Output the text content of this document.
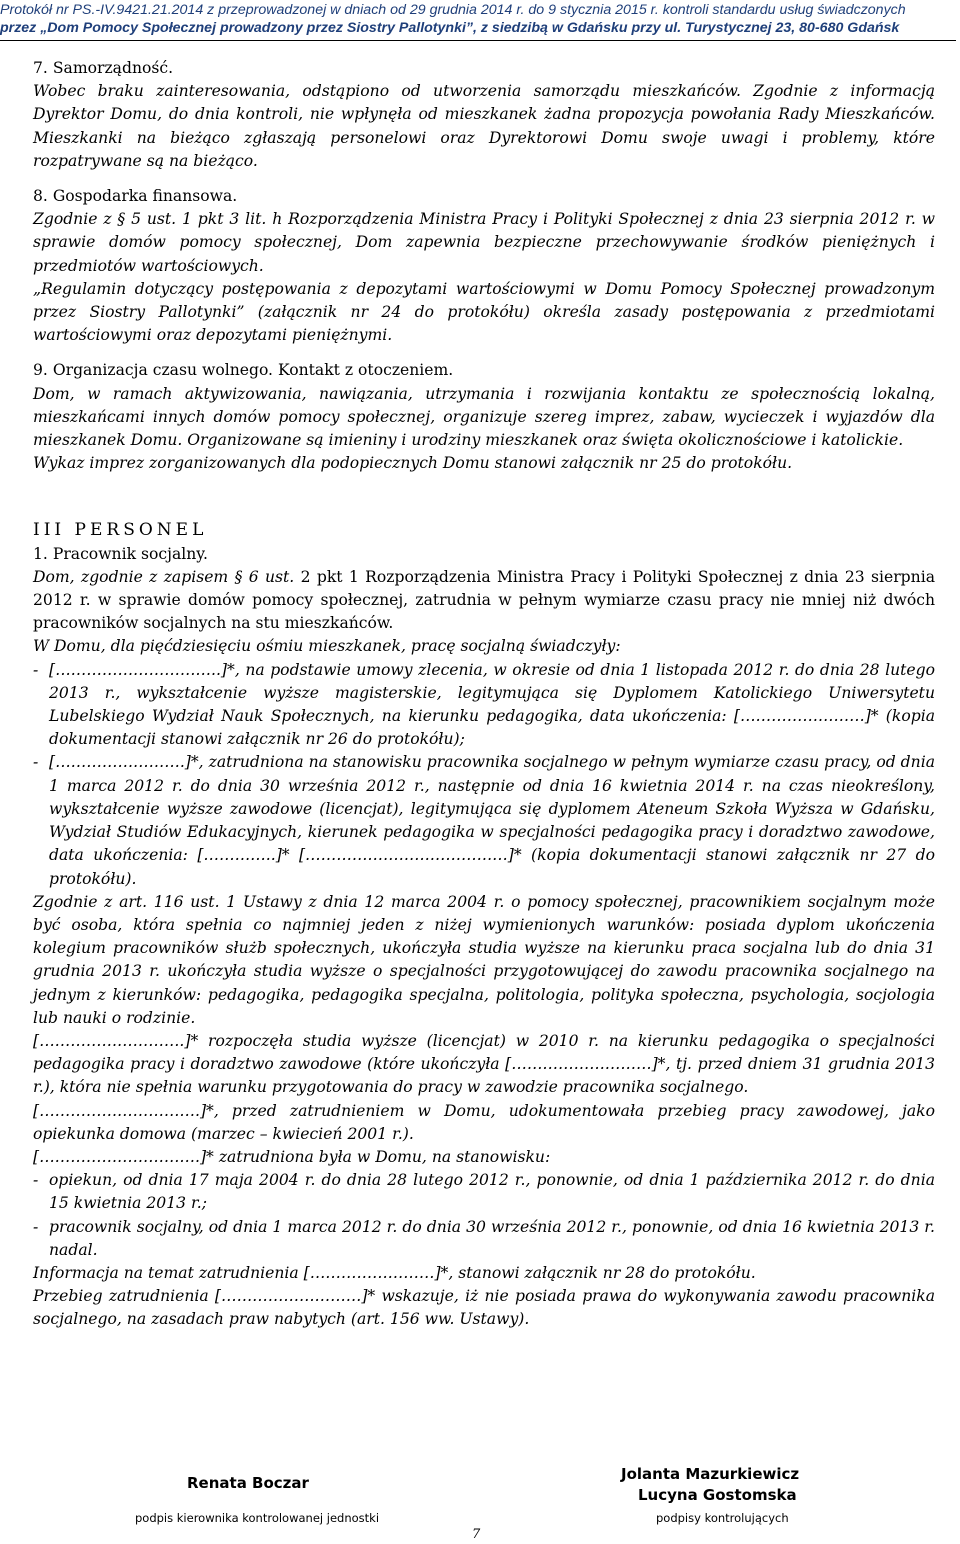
Protokół nr PS.-IV.9421.21.2014 z przeprowadzonej w dniach od 29 grudnia 2014 r. do 9 stycznia 2015 r. kontroli standardu usług świadczonych
przez „Dom Pomocy Społecznej prowadzony przez Siostry Pallotynki”, z siedzibą w Gdańsku przy ul. Turystycznej 23, 80-680 Gdańsk

7. Samorządność.

Wobec braku zainteresowania, odstąpiono od utworzenia samorządu mieszkańców. Zgodnie z informacją Dyrektor Domu, do dnia kontroli, nie wpłynęła od mieszkanek żadna propozycja powołania Rady Mieszkańców. Mieszkanki na bieżąco zgłaszają personelowi oraz Dyrektorowi Domu swoje uwagi i problemy, które rozpatrywane są na bieżąco.

8. Gospodarka finansowa.

Zgodnie z § 5 ust. 1 pkt 3 lit. h Rozporządzenia Ministra Pracy i Polityki Społecznej z dnia 23 sierpnia 2012 r. w sprawie domów pomocy społecznej, Dom zapewnia bezpieczne przechowywanie środków pieniężnych i przedmiotów wartościowych.

„Regulamin dotyczący postępowania z depozytami wartościowymi w Domu Pomocy Społecznej prowadzonym przez Siostry Pallotynki” (załącznik nr 24 do protokółu) określa zasady postępowania z przedmiotami wartościowymi oraz depozytami pieniężnymi.

9. Organizacja czasu wolnego. Kontakt z otoczeniem.

Dom, w ramach aktywizowania, nawiązania, utrzymania i rozwijania kontaktu ze społecznością lokalną, mieszkańcami innych domów pomocy społecznej, organizuje szereg imprez, zabaw, wycieczek i wyjazdów dla mieszkanek Domu. Organizowane są imieniny i urodziny mieszkanek oraz święta okolicznościowe i katolickie.

Wykaz imprez zorganizowanych dla podopiecznych Domu stanowi załącznik nr 25 do protokółu.

III PERSONEL

1. Pracownik socjalny.

Dom, zgodnie z zapisem § 6 ust. 2 pkt 1 Rozporządzenia Ministra Pracy i Polityki Społecznej z dnia 23 sierpnia 2012 r. w sprawie domów pomocy społecznej, zatrudnia w pełnym wymiarze czasu pracy nie mniej niż dwóch pracowników socjalnych na stu mieszkańców.

W Domu, dla pięćdziesięciu ośmiu mieszkanek, pracę socjalną świadczyły:

- […………………………..]*, na podstawie umowy zlecenia, w okresie od dnia 1 listopada 2012 r. do dnia 28 lutego 2013 r., wykształcenie wyższe magisterskie, legitymująca się Dyplomem Katolickiego Uniwersytetu Lubelskiego Wydział Nauk Społecznych, na kierunku pedagogika, data ukończenia: [……………………]* (kopia dokumentacji stanowi załącznik nr 26 do protokółu);
- […………………….]*, zatrudniona na stanowisku pracownika socjalnego w pełnym wymiarze czasu pracy, od dnia 1 marca 2012 r. do dnia 30 września 2012 r., następnie od dnia 16 kwietnia 2014 r. na czas nieokreślony, wykształcenie wyższe zawodowe (licencjat), legitymująca się dyplomem Ateneum Szkoła Wyższa w Gdańsku, Wydział Studiów Edukacyjnych, kierunek pedagogika w specjalności pedagogika pracy i doradztwo zawodowe, data ukończenia: […………..]* […………………………………]* (kopia dokumentacji stanowi załącznik nr 27 do protokółu).

Zgodnie z art. 116 ust. 1 Ustawy z dnia 12 marca 2004 r. o pomocy społecznej, pracownikiem socjalnym może być osoba, która spełnia co najmniej jeden z niżej wymienionych warunków: posiada dyplom ukończenia kolegium pracowników służb społecznych, ukończyła studia wyższe na kierunku praca socjalna lub do dnia 31 grudnia 2013 r. ukończyła studia wyższe o specjalności przygotowującej do zawodu pracownika socjalnego na jednym z kierunków: pedagogika, pedagogika specjalna, politologia, polityka społeczna, psychologia, socjologia lub nauki o rodzinie.

[……………………….]* rozpoczęła studia wyższe (licencjat) w 2010 r. na kierunku pedagogika o specjalności pedagogika pracy i doradztwo zawodowe (które ukończyła [………………………]*, tj. przed dniem 31 grudnia 2013 r.), która nie spełnia warunku przygotowania do pracy w zawodzie pracownika socjalnego.

[………………………….]*, przed zatrudnieniem w Domu, udokumentowała przebieg pracy zawodowej, jako opiekunka domowa (marzec – kwiecień 2001 r.).

[………………………….]* zatrudniona była w Domu, na stanowisku:

- opiekun, od dnia 17 maja 2004 r. do dnia 28 lutego 2012 r., ponownie, od dnia 1 października 2012 r. do dnia 15 kwietnia 2013 r.;
- pracownik socjalny, od dnia 1 marca 2012 r. do dnia 30 września 2012 r., ponownie, od dnia 16 kwietnia 2013 r. nadal.

Informacja na temat zatrudnienia [……………………]*, stanowi załącznik nr 28 do protokółu.

Przebieg zatrudnienia [………………………]* wskazuje, iż nie posiada prawa do wykonywania zawodu pracownika socjalnego, na zasadach praw nabytych (art. 156 ww. Ustawy).

Renata Boczar
podpis kierownika kontrolowanej jednostki
Jolanta Mazurkiewicz
Lucyna Gostomska
podpisy kontrolujących
7
